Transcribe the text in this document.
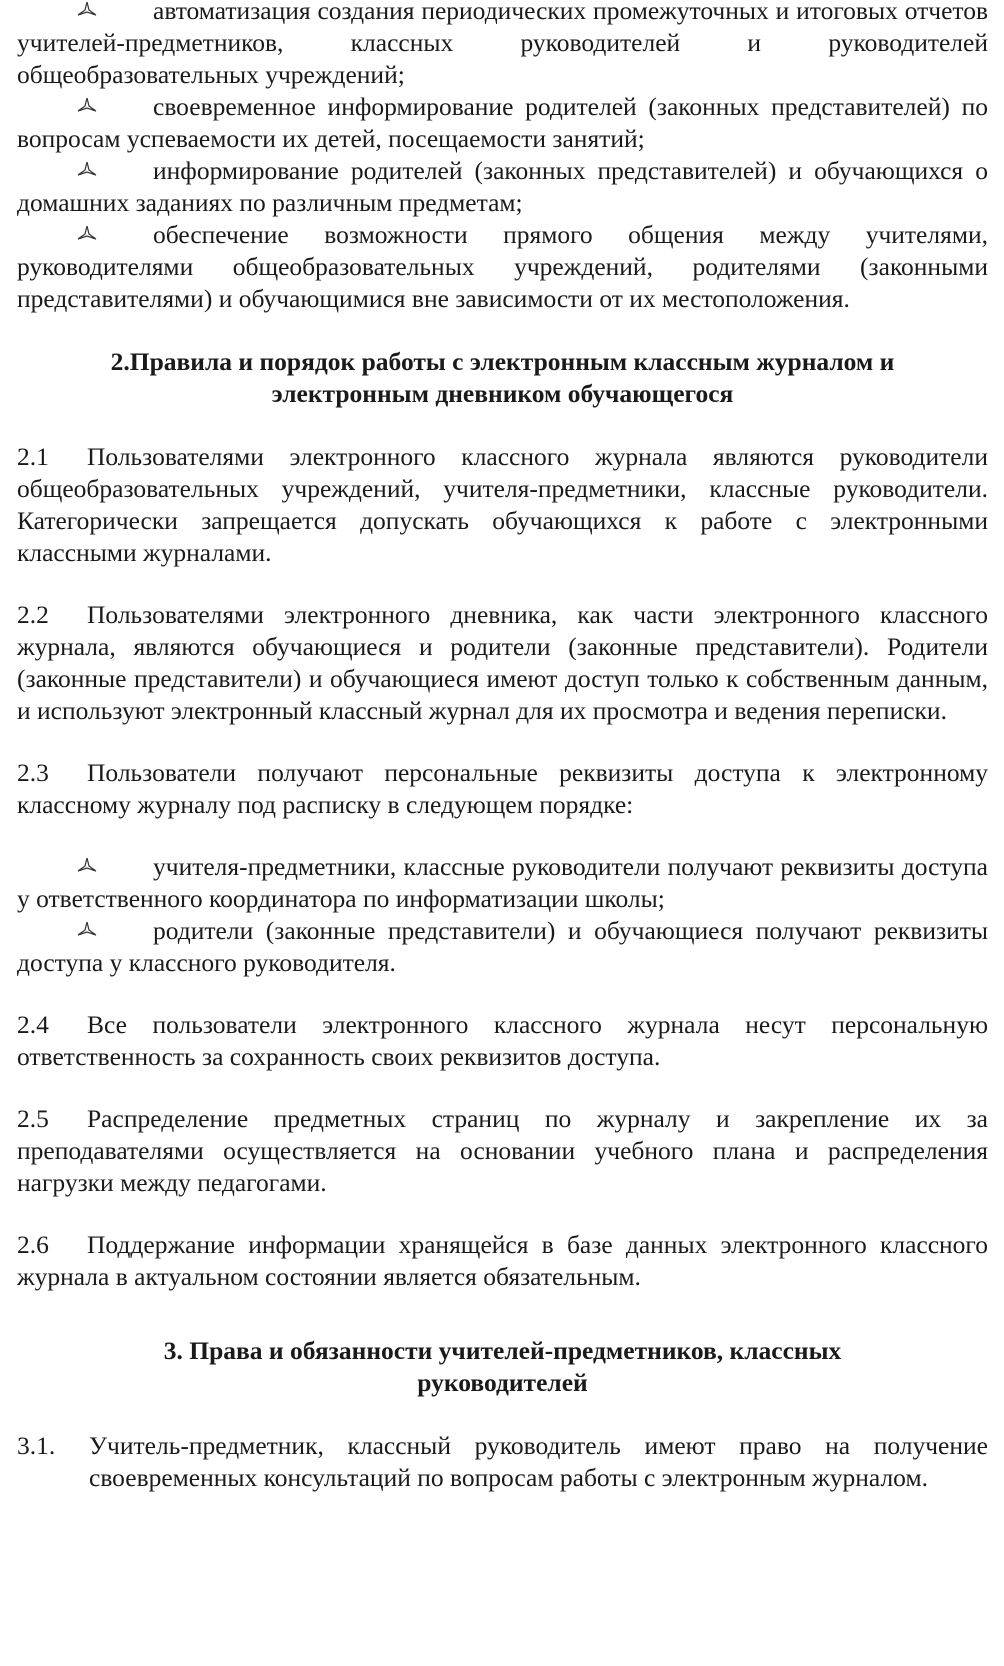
автоматизация создания периодических промежуточных и итоговых отчетов учителей-предметников, классных руководителей и руководителей общеобразовательных учреждений;

своевременное информирование родителей (законных представителей) по вопросам успеваемости их детей, посещаемости занятий;

информирование родителей (законных представителей) и обучающихся о домашних заданиях по различным предметам;

обеспечение возможности прямого общения между учителями, руководителями общеобразовательных учреждений, родителями (законными представителями) и обучающимися вне зависимости от их местоположения.

2.Правила и порядок работы с электронным классным журналом и
электронным дневником обучающегося

2.1 Пользователями электронного классного журнала являются руководители общеобразовательных учреждений, учителя-предметники, классные руководители. Категорически запрещается допускать обучающихся к работе с электронными классными журналами.

2.2 Пользователями электронного дневника, как части электронного классного журнала, являются обучающиеся и родители (законные представители). Родители (законные представители) и обучающиеся имеют доступ только к собственным данным, и используют электронный классный журнал для их просмотра и ведения переписки.

2.3 Пользователи получают персональные реквизиты доступа к электронному классному журналу под расписку в следующем порядке:

учителя-предметники, классные руководители получают реквизиты доступа у ответственного координатора по информатизации школы;

родители (законные представители) и обучающиеся получают реквизиты доступа у классного руководителя.

2.4 Все пользователи электронного классного журнала несут персональную ответственность за сохранность своих реквизитов доступа.

2.5 Распределение предметных страниц по журналу и закрепление их за преподавателями осуществляется на основании учебного плана и распределения нагрузки между педагогами.

2.6 Поддержание информации хранящейся в базе данных электронного классного журнала в актуальном состоянии является обязательным.

3. Права и обязанности учителей-предметников, классных
руководителей
3.1.	Учитель-предметник, классный руководитель имеют право на получение своевременных консультаций по вопросам работы с электронным журналом.
